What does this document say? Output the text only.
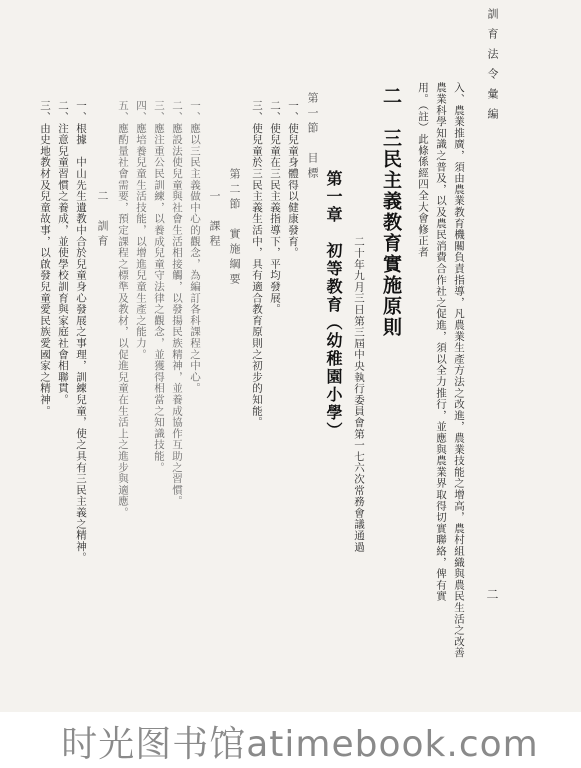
訓育法令彙編
二
入、農業推廣，須由農業教育機關負責指導，凡農業生產方法之改進，農業技能之增高，農村組織與農民生活之改善
農業科學知識之普及，以及農民消費合作社之促進，須以全力推行，並應與農業界取得切實聯絡，俾有實
用。（註）此條係經四全大會修正者
二　三民主義教育實施原則
二十年九月三日第三屆中央執行委員會第一七六次常務會議通過
第一章　初等教育（幼稚園小學）
第一節　目標
一、使兒童身體得以健康發育。
二、使兒童在三民主義指導下，平均發展。
三、使兒童於三民主義生活中，具有適合教育原則之初步的知能。
第二節　實施綱要
一　課程
一、應以三民主義做中心的觀念，為編訂各科課程之中心。
二、應設法使兒童與社會生活相接觸，以發揚民族精神，並養成協作互助之習慣。
三、應注重公民訓練，以養成兒童守法律之觀念，並獲得相當之知識技能。
四、應培養兒童生活技能，以增進兒童生產之能力。
五、應酌量社會需要，預定課程之標準及教材，以促進兒童在生活上之進步與適應。
二　訓育
一、根據　中山先生遺教中合於兒童身心發展之事理，訓練兒童，使之具有三民主義之精神。
二、注意兒童習慣之養成，並使學校訓育與家庭社會相聯貫。
三、由史地教材及兒童故事，以啟發兒童愛民族愛國家之精神。
时光图书馆atimebook.com
